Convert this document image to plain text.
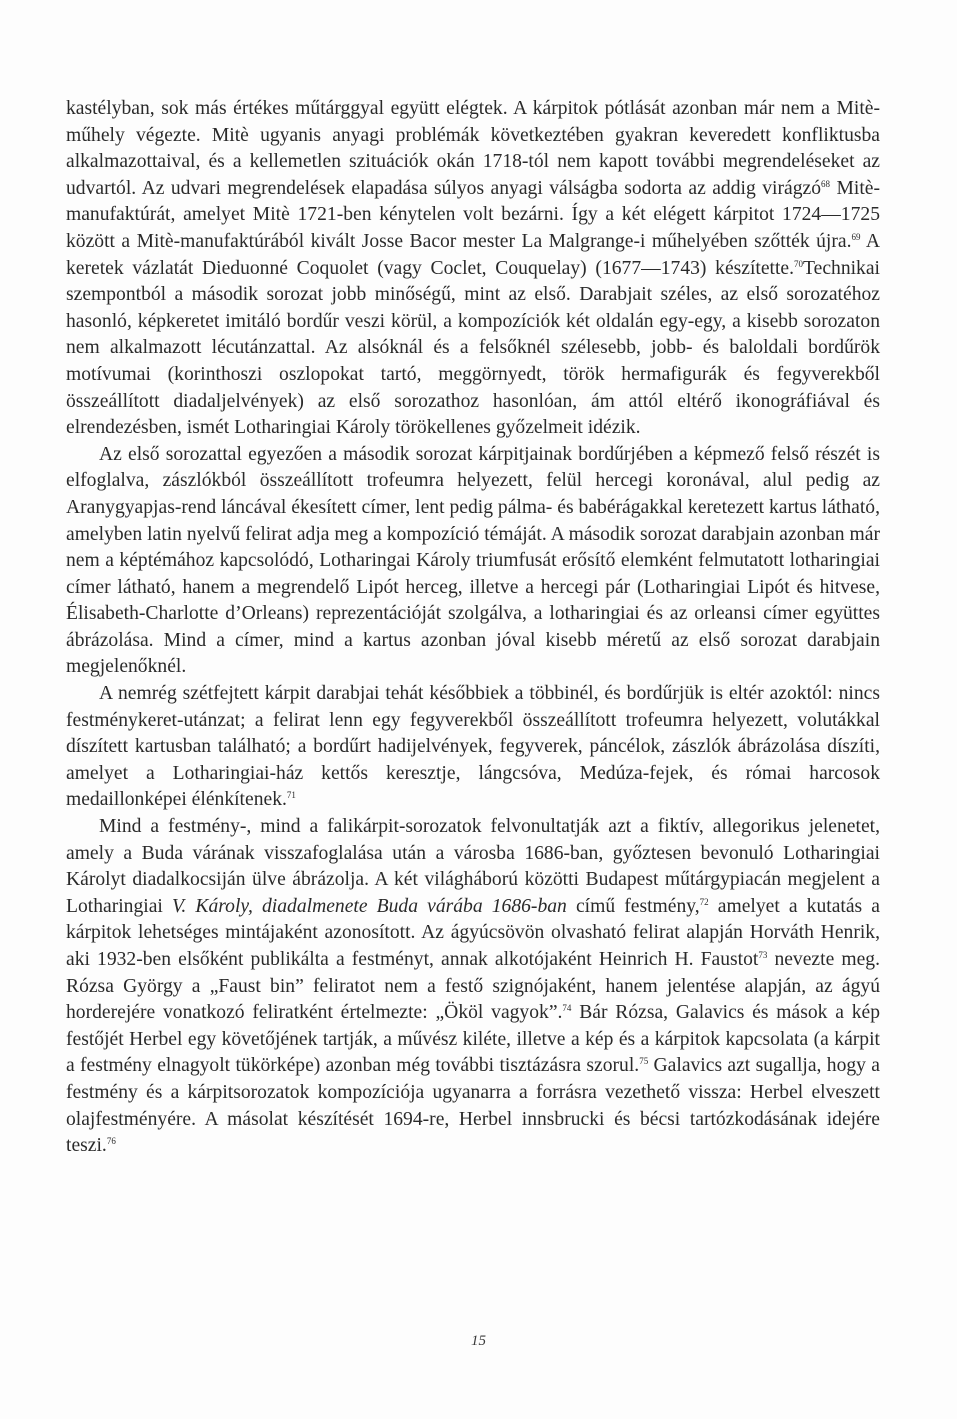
kastélyban, sok más értékes műtárggyal együtt elégtek. A kárpitok pótlását azonban már nem a Mitè-műhely végezte. Mitè ugyanis anyagi problémák következtében gyakran keveredett konfliktusba alkalmazottaival, és a kellemetlen szituációk okán 1718-tól nem kapott további megrendeléseket az udvartól. Az udvari megrendelések elapadása súlyos anyagi válságba sodorta az addig virágzó$^{68}$ Mitè-manufaktúrát, amelyet Mitè 1721-ben kénytelen volt bezárni. Így a két elégett kárpitot 1724—1725 között a Mitè-manufaktúrából kivált Josse Bacor mester La Malgrange-i műhelyében szőtték újra.$^{69}$ A keretek vázlatát Dieduonné Coquolet (vagy Coclet, Couquelay) (1677—1743) készítette.$^{70}$Technikai szempontból a második sorozat jobb minőségű, mint az első. Darabjait széles, az első sorozatéhoz hasonló, képkeretet imitáló bordűr veszi körül, a kompozíciók két oldalán egy-egy, a kisebb sorozaton nem alkalmazott lécutánzattal. Az alsóknál és a felsőknél szélesebb, jobb- és baloldali bordűrök motívumai (korinthoszi oszlopokat tartó, meggörnyedt, török hermafigurák és fegyverekből összeállított diadaljelvények) az első sorozathoz hasonlóan, ám attól eltérő ikonográfiával és elrendezésben, ismét Lotharingiai Károly törökellenes győzelmeit idézik.

Az első sorozattal egyezően a második sorozat kárpitjainak bordűrjében a képmező felső részét is elfoglalva, zászlókból összeállított trofeumra helyezett, felül hercegi koronával, alul pedig az Aranygyapjas-rend láncával ékesített címer, lent pedig pálma- és babérágakkal keretezett kartus látható, amelyben latin nyelvű felirat adja meg a kompozíció témáját. A második sorozat darabjain azonban már nem a képtémához kapcsolódó, Lotharingai Károly triumfusát erősítő elemként felmutatott lotharingiai címer látható, hanem a megrendelő Lipót herceg, illetve a hercegi pár (Lotharingiai Lipót és hitvese, Élisabeth-Charlotte d’Orleans) reprezentációját szolgálva, a lotharingiai és az orleansi címer együttes ábrázolása. Mind a címer, mind a kartus azonban jóval kisebb méretű az első sorozat darabjain megjelenőknél.

A nemrég szétfejtett kárpit darabjai tehát későbbiek a többinél, és bordűrjük is eltér azoktól: nincs festménykeret-utánzat; a felirat lenn egy fegyverekből összeállított trofeumra helyezett, volutákkal díszített kartusban található; a bordűrt hadijelvények, fegyverek, páncélok, zászlók ábrázolása díszíti, amelyet a Lotharingiai-ház kettős keresztje, lángcsóva, Medúza-fejek, és római harcosok medaillonképei élénkítenek.$^{71}$

Mind a festmény-, mind a falikárpit-sorozatok felvonultatják azt a fiktív, allegorikus jelenetet, amely a Buda várának visszafoglalása után a városba 1686-ban, győztesen bevonuló Lotharingiai Károlyt diadalkocsiján ülve ábrázolja. A két világháború közötti Budapest műtárgypiacán megjelent a Lotharingiai V. Károly, diadalmenete Buda várába 1686-ban című festmény,$^{72}$ amelyet a kutatás a kárpitok lehetséges mintájaként azonosított. Az ágyúcsövön olvasható felirat alapján Horváth Henrik, aki 1932-ben elsőként publikálta a festményt, annak alkotójaként Heinrich H. Faustot$^{73}$ nevezte meg. Rózsa György a „Faust bin” feliratot nem a festő szignójaként, hanem jelentése alapján, az ágyú horderejére vonatkozó feliratként értelmezte: „Ököl vagyok”.$^{74}$ Bár Rózsa, Galavics és mások a kép festőjét Herbel egy követőjének tartják, a művész kiléte, illetve a kép és a kárpitok kapcsolata (a kárpit a festmény elnagyolt tükörképe) azonban még további tisztázásra szorul.$^{75}$ Galavics azt sugallja, hogy a festmény és a kárpitsorozatok kompozíciója ugyanarra a forrásra vezethető vissza: Herbel elveszett olajfestményére. A másolat készítését 1694-re, Herbel innsbrucki és bécsi tartózkodásának idejére teszi.$^{76}$

15
